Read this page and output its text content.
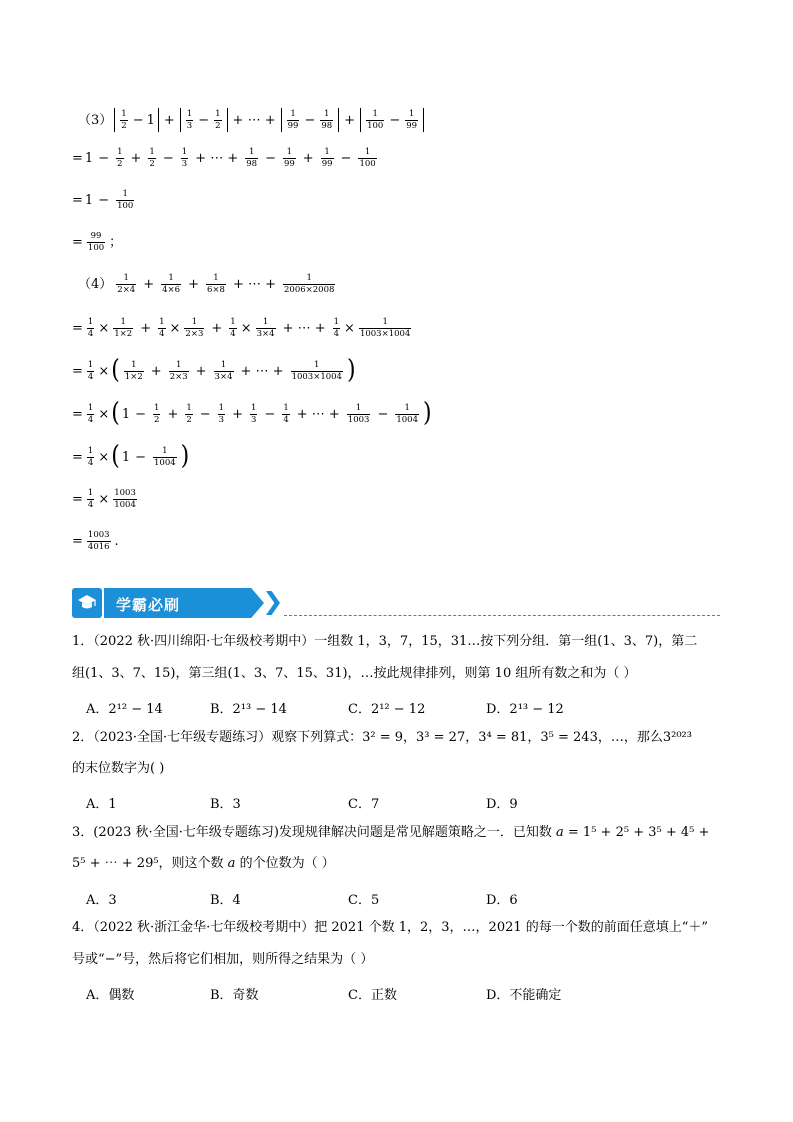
$(3) \frac{1}{2} - 1 + \frac{1}{3} - \frac{1}{2}$ + ⋯ + $\frac{1}{99} - \frac{1}{98} + \frac{1}{100} - \frac{1}{99}$
= $1 - \frac{1}{2} + \frac{1}{2} - \frac{1}{3}$ + ⋯ + $\frac{1}{98} - \frac{1}{99} + \frac{1}{99} - \frac{1}{100}$
= $1 - \frac{1}{100}$
= $\frac{99}{100}$ ；
$(4) \frac{1}{2\times 4} + \frac{1}{4\times 6} + \frac{1}{6\times 8}$ + ⋯ + $\frac{1}{2006\times 2008}$
= $\frac{1}{4} \times \frac{1}{1\times 2} + \frac{1}{4} \times \frac{1}{2\times 3} + \frac{1}{4} \times \frac{1}{3\times 4}$ + ⋯ + $\frac{1}{4} \times \frac{1}{1003\times 1004}$
= $\frac{1}{4}$ × ( $\frac{1}{1\times 2} + \frac{1}{2\times 3} + \frac{1}{3\times 4}$ + ⋯ + $\frac{1}{1003\times 1004}$ )
= $\frac{1}{4}$ × ( $1 - \frac{1}{2} + \frac{1}{2} - \frac{1}{3} + \frac{1}{3} - \frac{1}{4}$ + ⋯ + $\frac{1}{1003} - \frac{1}{1004}$ )
= $\frac{1}{4}$ × ( $1 - \frac{1}{1004}$ )
= $\frac{1}{4} \times \frac{1003}{1004}$
= $\frac{1003}{4016}$ .
学霸必刷
1．（2022 秋·四川绵阳·七年级校考期中）一组数 1，3，7，15，31…按下列分组．第一组(1、3、7)，第二
组(1、3、7、15)，第三组(1、3、7、15、31)，…按此规律排列，则第 10 组所有数之和为（ ）
A．2¹² − 14	B．2¹³ − 14	C．2¹² − 12	D．2¹³ − 12
2．（2023·全国·七年级专题练习）观察下列算式：3² = 9，3³ = 27，3⁴ = 81，3⁵ = 243，…，那么3²⁰²³
的末位数字为( )
A．1	B．3	C．7	D．9
3．(2023 秋·全国·七年级专题练习)发现规律解决问题是常见解题策略之一．已知数 𝑎 = 1⁵ + 2⁵ + 3⁵ + 4⁵ +
5⁵ + ⋯ + 29⁵，则这个数 𝑎 的个位数为（ ）
A．3	B．4	C．5	D．6
4．（2022 秋·浙江金华·七年级校考期中）把 2021 个数 1，2，3，…，2021 的每一个数的前面任意填上“＋”
号或“−”号，然后将它们相加，则所得之结果为（ ）
A．偶数	B．奇数	C．正数	D．不能确定
